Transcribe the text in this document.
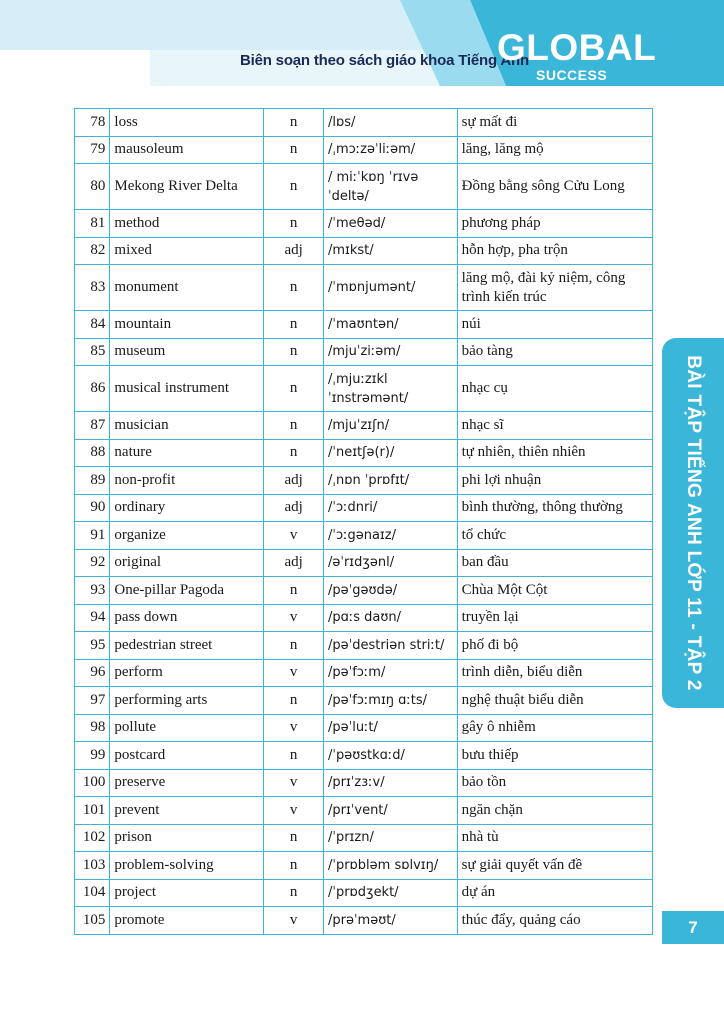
Biên soạn theo sách giáo khoa Tiếng Anh
GLOBAL
SUCCESS
78	loss	n	/lɒs/	sự mất đi
79	mausoleum	n	/ˌmɔːzəˈliːəm/	lăng, lăng mộ
80	Mekong River Delta	n	/ miːˈkɒŋ ˈrɪvə ˈdeltə/	Đồng bằng sông Cửu Long
81	method	n	/ˈmeθəd/	phương pháp
82	mixed	adj	/mɪkst/	hỗn hợp, pha trộn
83	monument	n	/ˈmɒnjumənt/	lăng mộ, đài kỷ niệm, công trình kiến trúc
84	mountain	n	/ˈmaʊntən/	núi
85	museum	n	/mjuˈziːəm/	bảo tàng
86	musical instrument	n	/ˌmjuːzɪkl ˈɪnstrəmənt/	nhạc cụ
87	musician	n	/mjuˈzɪʃn/	nhạc sĩ
88	nature	n	/ˈneɪtʃə(r)/	tự nhiên, thiên nhiên
89	non-profit	adj	/ˌnɒn ˈprɒfɪt/	phi lợi nhuận
90	ordinary	adj	/ˈɔːdnri/	bình thường, thông thường
91	organize	v	/ˈɔːgənaɪz/	tổ chức
92	original	adj	/əˈrɪdʒənl/	ban đầu
93	One-pillar Pagoda	n	/pəˈgəʊdə/	Chùa Một Cột
94	pass down	v	/pɑːs daʊn/	truyền lại
95	pedestrian street	n	/pəˈdestriən striːt/	phố đi bộ
96	perform	v	/pəˈfɔːm/	trình diễn, biểu diễn
97	performing arts	n	/pəˈfɔːmɪŋ ɑːts/	nghệ thuật biểu diễn
98	pollute	v	/pəˈluːt/	gây ô nhiễm
99	postcard	n	/ˈpəʊstkɑːd/	bưu thiếp
100	preserve	v	/prɪˈzɜːv/	bảo tồn
101	prevent	v	/prɪˈvent/	ngăn chặn
102	prison	n	/ˈprɪzn/	nhà tù
103	problem-solving	n	/ˈprɒbləm sɒlvɪŋ/	sự giải quyết vấn đề
104	project	n	/ˈprɒdʒekt/	dự án
105	promote	v	/prəˈməʊt/	thúc đẩy, quảng cáo
BÀI TẬP TIẾNG ANH LỚP 11 - TẬP 2
7
